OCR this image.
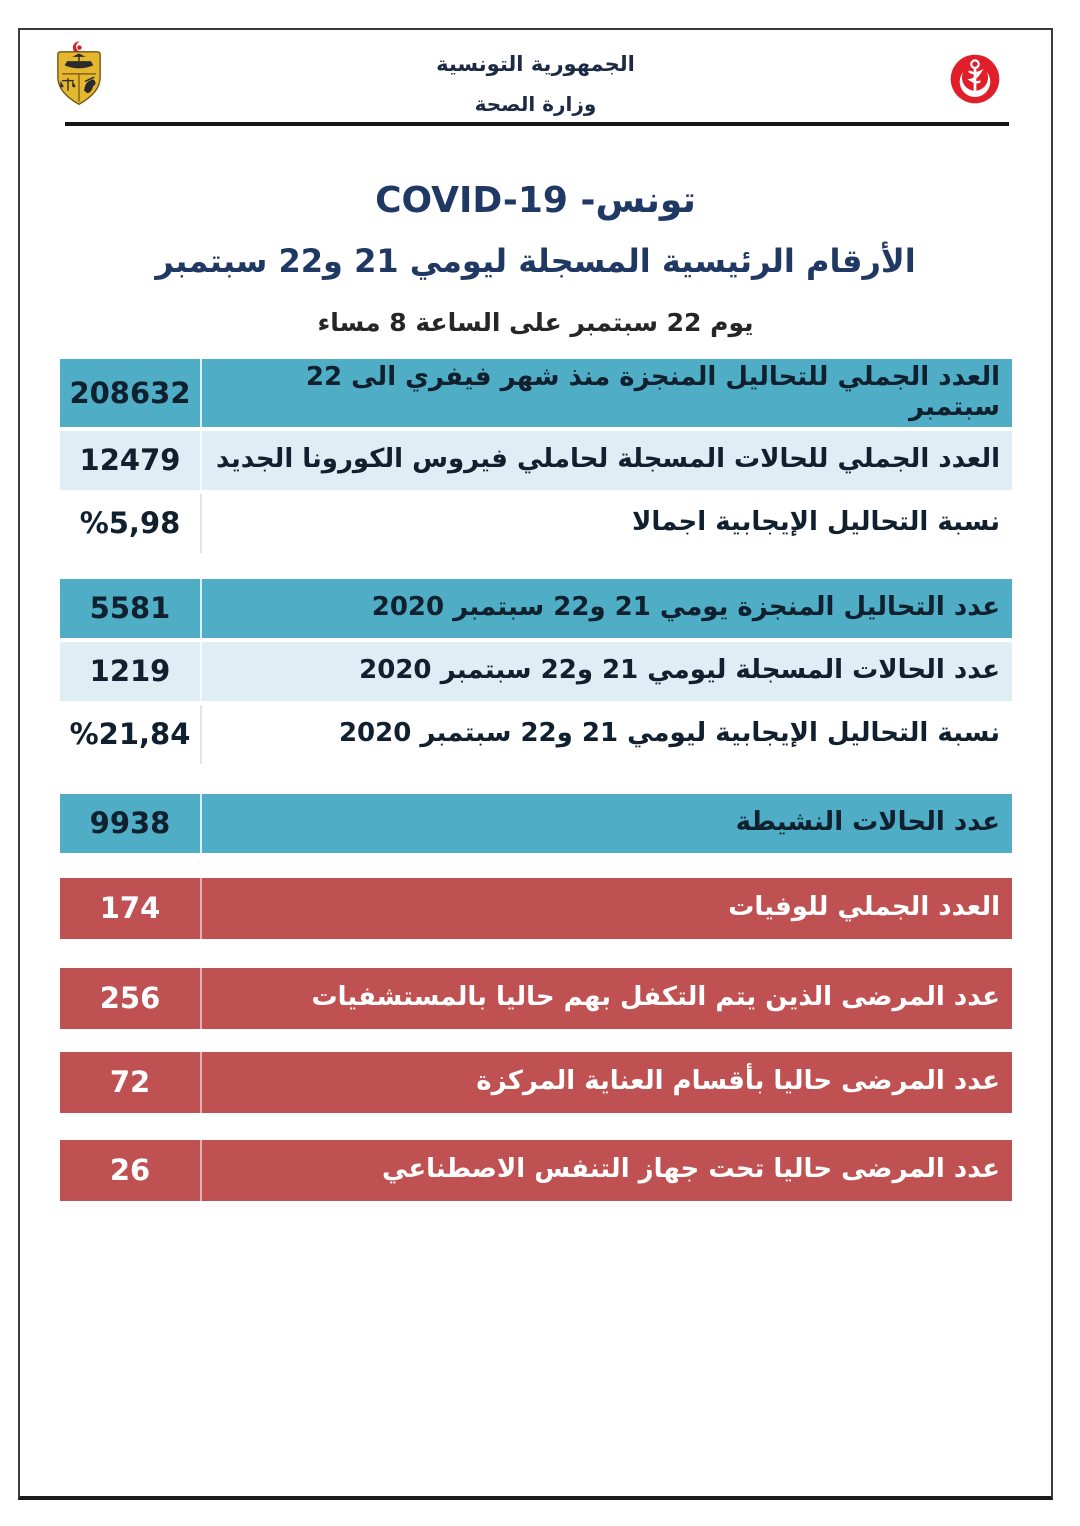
الجمهورية التونسية
وزارة الصحة
تونس- COVID-19
الأرقام الرئيسية المسجلة ليومي 21 و22 سبتمبر
يوم 22 سبتمبر على الساعة 8 مساء
208632	العدد الجملي للتحاليل المنجزة منذ شهر فيفري الى 22 سبتمبر
12479	العدد الجملي للحالات المسجلة لحاملي فيروس الكورونا الجديد
%5,98	نسبة التحاليل الإيجابية اجمالا
5581	عدد التحاليل المنجزة يومي 21 و22 سبتمبر 2020
1219	عدد الحالات المسجلة ليومي 21 و22 سبتمبر 2020
%21,84	نسبة التحاليل الإيجابية ليومي 21 و22 سبتمبر 2020
9938	عدد الحالات النشيطة
174	العدد الجملي للوفيات
256	عدد المرضى الذين يتم التكفل بهم حاليا بالمستشفيات
72	عدد المرضى حاليا بأقسام العناية المركزة
26	عدد المرضى حاليا تحت جهاز التنفس الاصطناعي
